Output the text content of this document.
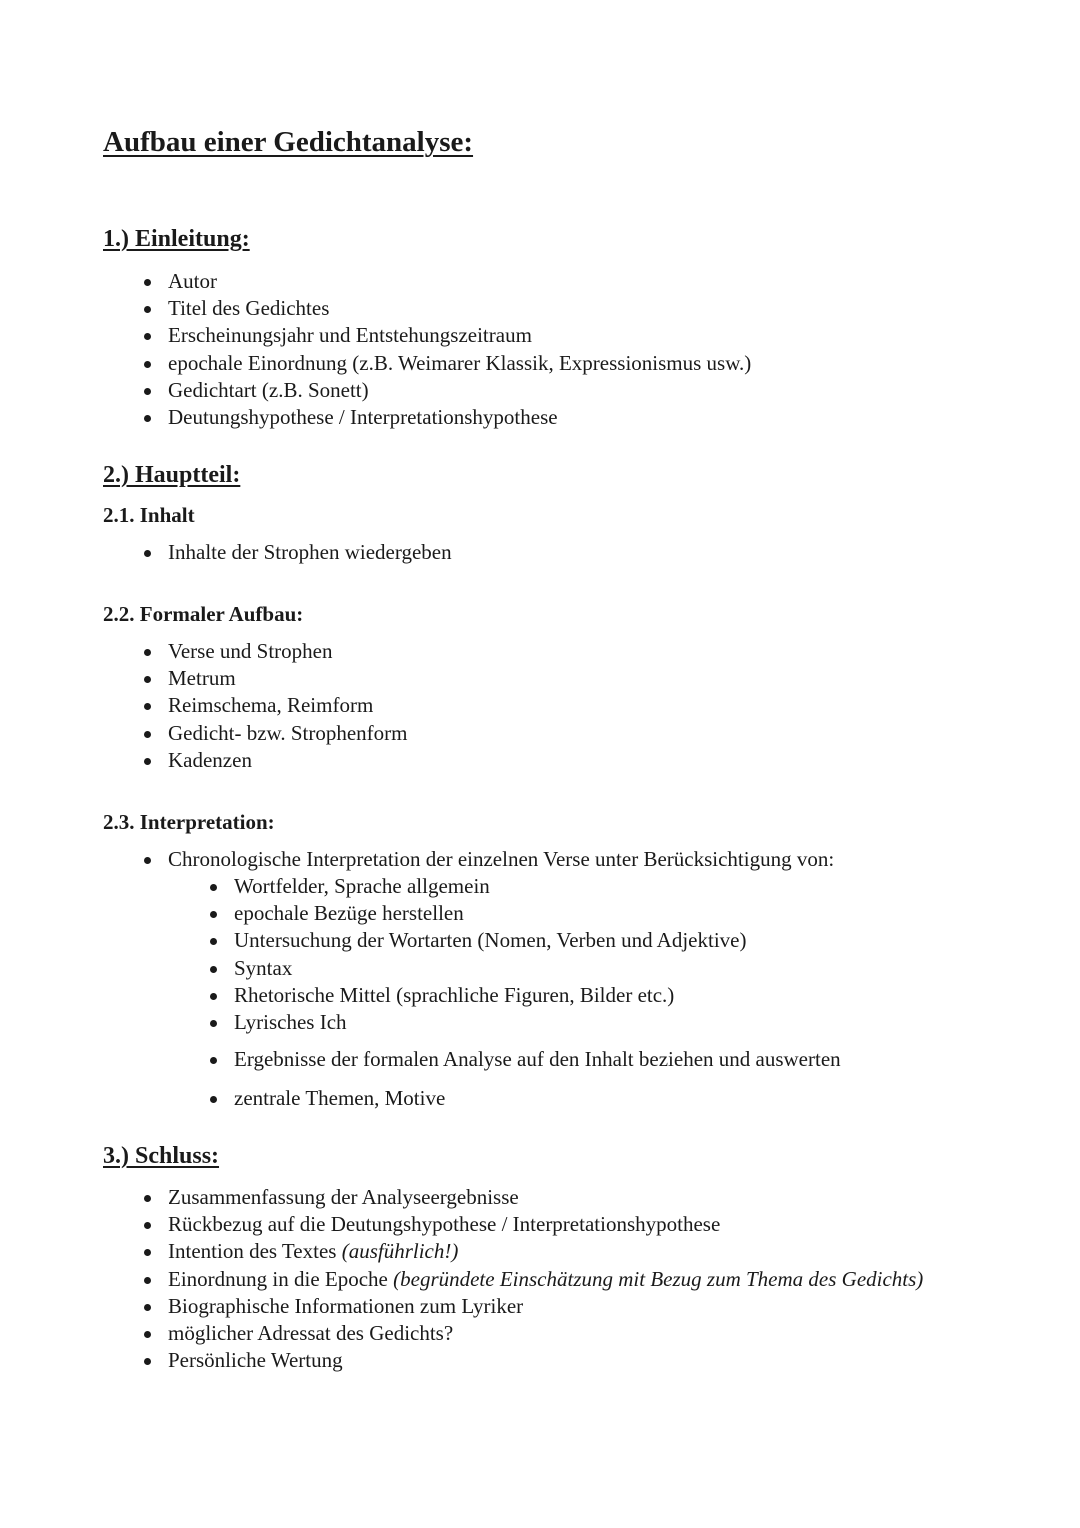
Aufbau einer Gedichtanalyse:
1.) Einleitung:
Autor
Titel des Gedichtes
Erscheinungsjahr und Entstehungszeitraum
epochale Einordnung (z.B. Weimarer Klassik, Expressionismus usw.)
Gedichtart (z.B. Sonett)
Deutungshypothese / Interpretationshypothese
2.) Hauptteil:
2.1. Inhalt
Inhalte der Strophen wiedergeben
2.2. Formaler Aufbau:
Verse und Strophen
Metrum
Reimschema, Reimform
Gedicht- bzw. Strophenform
Kadenzen
2.3. Interpretation:
Chronologische Interpretation der einzelnen Verse unter Berücksichtigung von:
Wortfelder, Sprache allgemein
epochale Bezüge herstellen
Untersuchung der Wortarten (Nomen, Verben und Adjektive)
Syntax
Rhetorische Mittel (sprachliche Figuren, Bilder etc.)
Lyrisches Ich
Ergebnisse der formalen Analyse auf den Inhalt beziehen und auswerten
zentrale Themen, Motive
3.) Schluss:
Zusammenfassung der Analyseergebnisse
Rückbezug auf die Deutungshypothese / Interpretationshypothese
Intention des Textes (ausführlich!)
Einordnung in die Epoche (begründete Einschätzung mit Bezug zum Thema des Gedichts)
Biographische Informationen zum Lyriker
möglicher Adressat des Gedichts?
Persönliche Wertung
